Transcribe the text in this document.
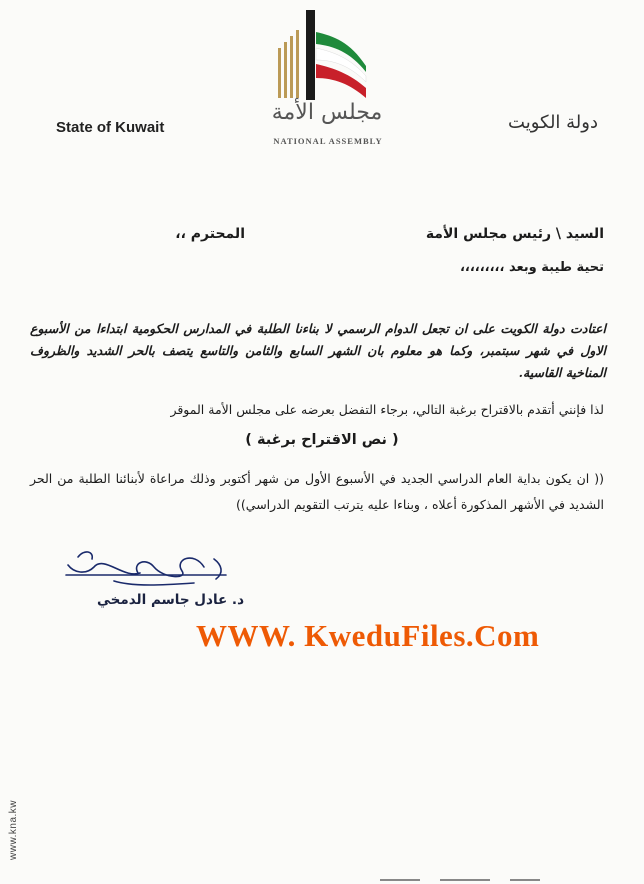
مجلس الأمة
NATIONAL ASSEMBLY
State of Kuwait	دولة الكويت
السيد \ رئيس مجلس الأمة
المحترم ،،
تحية طيبة وبعد ،،،،،،،،،
اعتادت دولة الكويت على ان تجعل الدوام الرسمي لا بناءنا الطلبة في المدارس الحكومية ابتداءا من الأسبوع الاول في شهر سبتمبر، وكما هو معلوم بان الشهر السابع والثامن والتاسع يتصف بالحر الشديد والظروف المناخية القاسية.
لذا فإنني أتقدم بالاقتراح برغبة التالي، برجاء التفضل بعرضه على مجلس الأمة الموقر
( نص الاقتراح برغبة )
(( ان يكون بداية العام الدراسي الجديد في الأسبوع الأول من شهر أكتوبر وذلك مراعاة لأبنائنا الطلبة من الحر الشديد في الأشهر المذكورة أعلاه ، وبناءا عليه يترتب التقويم الدراسي))
د. عادل جاسم الدمخي
WWW. KweduFiles.Com
www.kna.kw
